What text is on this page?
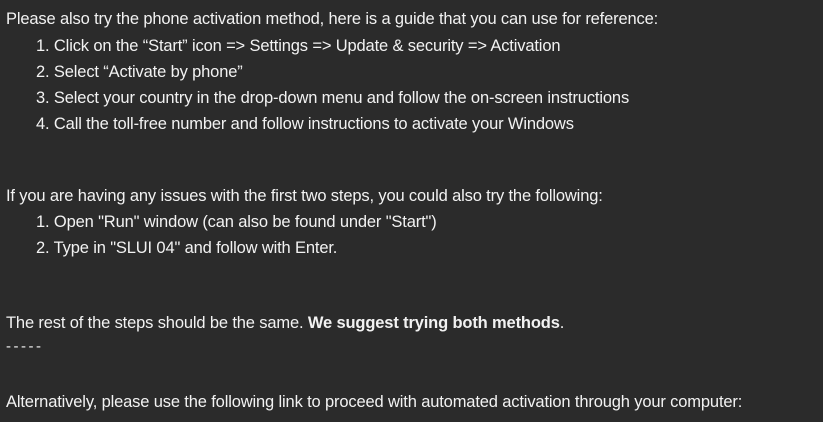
Please also try the phone activation method, here is a guide that you can use for reference:
1. Click on the “Start” icon => Settings => Update & security => Activation
2. Select “Activate by phone”
3. Select your country in the drop-down menu and follow the on-screen instructions
4. Call the toll-free number and follow instructions to activate your Windows
If you are having any issues with the first two steps, you could also try the following:
1. Open "Run" window (can also be found under "Start")
2. Type in "SLUI 04" and follow with Enter.
The rest of the steps should be the same. We suggest trying both methods.
-----
Alternatively, please use the following link to proceed with automated activation through your computer:
